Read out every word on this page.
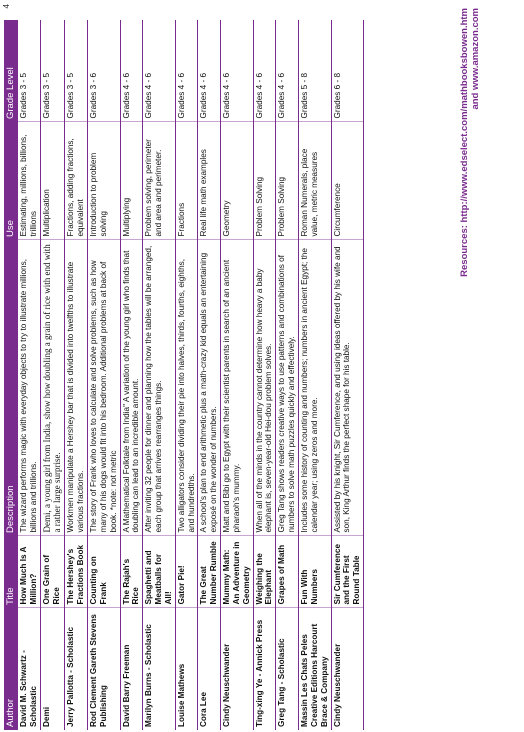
4
Author	Title	Description	Use	Grade Level
David M. Schwartz - Scholastic	How Much Is A Million?	The wizard performs magic with everyday objects to try to illustrate millions, billions and trillions.	Estimating, millions, billions, trillions	Grades 3 - 5
Demi	One Grain of Rice	Demi, a young girl from India, show how doubling a grain of rice with end with a rather large surprise.	Multiplication	Grades 3 - 5
Jerry Pallotta - Scholastic	The Hershey's Fractions Book	Workmen manipulate a Hershey bar that is divided into twelfths to illustrate various fractions.	Fractions, adding fractions, equivalent	Grades 3 - 5
Rod Clement Gareth Stevens Publishing	Counting on Frank	The story of Frank who loves to calculate and solve problems, such as how many of his dogs would fit into his bedroom. Additional problems at back of book. *note: not metric	Introduction to problem solving	Grades 3 - 6
David Barry Freeman	The Rajah's Rice	A Mathematical Folktale from India" A variation of the young girl who finds that doubling can lead to an incredible amount.	Multiplying	Grades 4 - 6
Marilyn Burns - Scholastic	Spaghetti and Meatballs for All!	After inviting 32 people for dinner and planning how the tables will be arranged, each group that arrives rearranges things.	Problem solving, perimeter and area and perimeter.	Grades 4 - 6
Louise Mathews	Gator Pie!	Two alligators consider dividing their pie into halves, thirds, fourths, eighths, and hundredths.	Fractions	Grades 4 - 6
Cora Lee	The Great Number Rumble	A school's plan to end arithmetic plus a math-crazy kid equals an entertaining exposé on the wonder of numbers.	Real life math examples	Grades 4 - 6
Cindy Neuschwander	Mummy Math: An Adventure in Geometry	Matt and Bibi go to Egypt with their scientist parents in search of an ancient pharaoh's mummy.	Geometry	Grades 4 - 6
Ting-xing Ye - Annick Press	Weighing the Elephant	When all of the minds in the country cannot determine how heavy a baby elephant is, seven-year-old Hei-dou problem solves.	Problem Solving	Grades 4 - 6
Greg Tang - Scholastic	Grapes of Math	Greg Tang shows readers creative ways to use patterns and combinations of numbers to solve math puzzles quickly and effectively.	Problem Solving	Grades 4 - 6
Massin Les Chats Peles Creative Editions Harcourt Brace & Company	Fun With Numbers	Includes some history of counting and numbers; numbers in ancient Egypt; the calendar year; using zeros and more.	Roman Numerals, place value, metric measures	Grades 5 - 8
Cindy Neuschwander	Sir Cumference and the First Round Table	Assisted by his knight, Sir Cumference, and using ideas offered by his wife and son, King Arthur finds the perfect shape for his table.	Circumference	Grades 6 - 8	Resources: http://www.edselect.com/mathbooksbowen.htm and www.amazon.com
